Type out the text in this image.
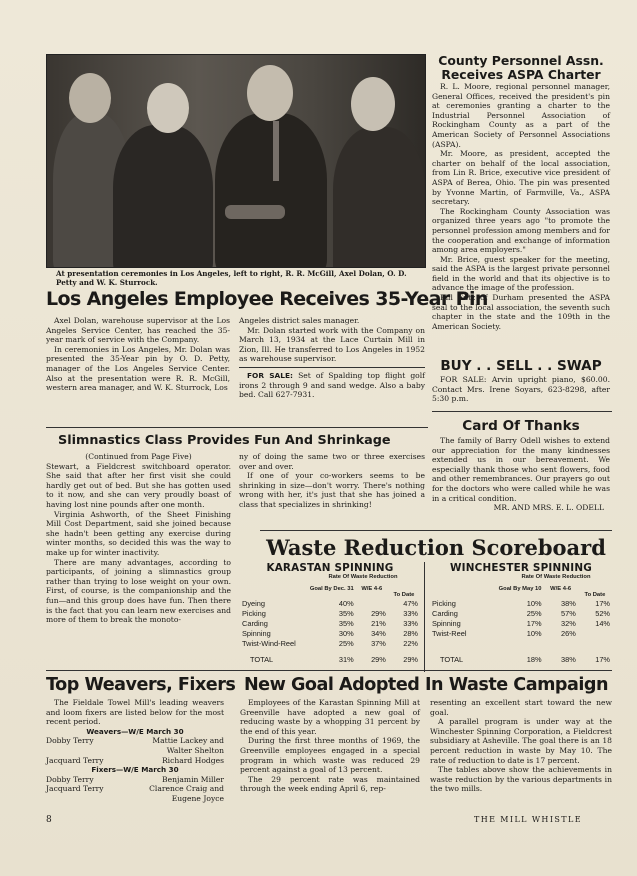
At presentation ceremonies in Los Angeles, left to right, R. R. McGill, Axel Dolan, O. D. Petty and W. K. Sturrock.
Los Angeles Employee Receives 35-Year Pin

Axel Dolan, warehouse supervisor at the Los Angeles Service Center, has reached the 35-year mark of service with the Company.

In ceremonies in Los Angeles, Mr. Dolan was presented the 35-Year pin by O. D. Petty, manager of the Los Angeles Service Center. Also at the presentation were R. R. McGill, western area manager, and W. K. Sturrock, Los

Angeles district sales manager.

Mr. Dolan started work with the Company on March 13, 1934 at the Lace Curtain Mill in Zion, Ill. He transferred to Los Angeles in 1952 as warehouse supervisor.

FOR SALE: Set of Spalding top flight golf irons 2 through 9 and sand wedge. Also a baby bed. Call 627-7931.

Slimnastics Class Provides Fun And Shrinkage

(Continued from Page Five)

Stewart, a Fieldcrest switchboard operator. She said that after her first visit she could hardly get out of bed. But she has gotten used to it now, and she can very proudly boast of having lost nine pounds after one month.

Virginia Ashworth, of the Sheet Finishing Mill Cost Department, said she joined because she hadn't been getting any exercise during winter months, so decided this was the way to make up for winter inactivity.

There are many advantages, according to participants, of joining a slimnastics group rather than trying to lose weight on your own. First, of course, is the companionship and the fun—and this group does have fun. Then there is the fact that you can learn new exercises and more of them to break the monoto-

ny of doing the same two or three exercises over and over.

If one of your co-workers seems to be shrinking in size—don't worry. There's nothing wrong with her, it's just that she has joined a class that specializes in shrinking!

County Personnel Assn. Receives ASPA Charter

R. L. Moore, regional personnel manager, General Offices, received the president's pin at ceremonies granting a charter to the Industrial Personnel Association of Rockingham County as a part of the American Society of Personnel Associations (ASPA).

Mr. Moore, as president, accepted the charter on behalf of the local association, from Lin R. Brice, executive vice president of ASPA of Berea, Ohio. The pin was presented by Yvonne Martin, of Farmville, Va., ASPA secretary.

The Rockingham County Association was organized three years ago "to promote the personnel profession among members and for the cooperation and exchange of information among area employers."

Mr. Brice, guest speaker for the meeting, said the ASPA is the largest private personnel field in the world and that its objective is to advance the image of the profession.

Bill Entz of Durham presented the ASPA seal to the local association, the seventh such chapter in the state and the 109th in the American Society.

BUY . . SELL . . SWAP

FOR SALE: Arvin upright piano, $60.00. Contact Mrs. Irene Soyars, 623-8298, after 5:30 p.m.

Card Of Thanks

The family of Barry Odell wishes to extend our appreciation for the many kindnesses extended us in our bereavement. We especially thank those who sent flowers, food and other remembrances. Our prayers go out for the doctors who were called while he was in a critical condition.

MR. AND MRS. E. L. ODELL

Waste Reduction Scoreboard
KARASTAN SPINNING
Rate Of Waste Reduction
	Goal By Dec. 31	W/E 4-6	To Date
Dyeing	40%		47%
Picking	35%	29%	33%
Carding	35%	21%	33%
Spinning	30%	34%	28%
Twist-Wind-Reel	25%	37%	22%

TOTAL	31%	29%	29%
WINCHESTER SPINNING
Rate Of Waste Reduction
	Goal By May 10	W/E 4-6	To Date
Picking	10%	38%	17%
Carding	25%	57%	52%
Spinning	17%	32%	14%
Twist-Reel	10%	26%	

TOTAL	18%	38%	17%
Top Weavers, Fixers

The Fieldale Towel Mill's leading weavers and loom fixers are listed below for the most recent period.

Weavers—W/E March 30
Dobby Terry	Mattie Lackey and
Walter Shelton
Jacquard Terry	Richard Hodges
Fixers—W/E March 30
Dobby Terry	Benjamin Miller
Jacquard Terry	Clarence Craig and
Eugene Joyce
New Goal Adopted In Waste Campaign

Employees of the Karastan Spinning Mill at Greenville have adopted a new goal of reducing waste by a whopping 31 percent by the end of this year.

During the first three months of 1969, the Greenville employees engaged in a special program in which waste was reduced 29 percent against a goal of 13 percent.

The 29 percent rate was maintained through the week ending April 6, rep-

resenting an excellent start toward the new goal.

A parallel program is under way at the Winchester Spinning Corporation, a Fieldcrest subsidiary at Asheville. The goal there is an 18 percent reduction in waste by May 10. The rate of reduction to date is 17 percent.

The tables above show the achievements in waste reduction by the various departments in the two mills.

8	THE MILL WHISTLE
